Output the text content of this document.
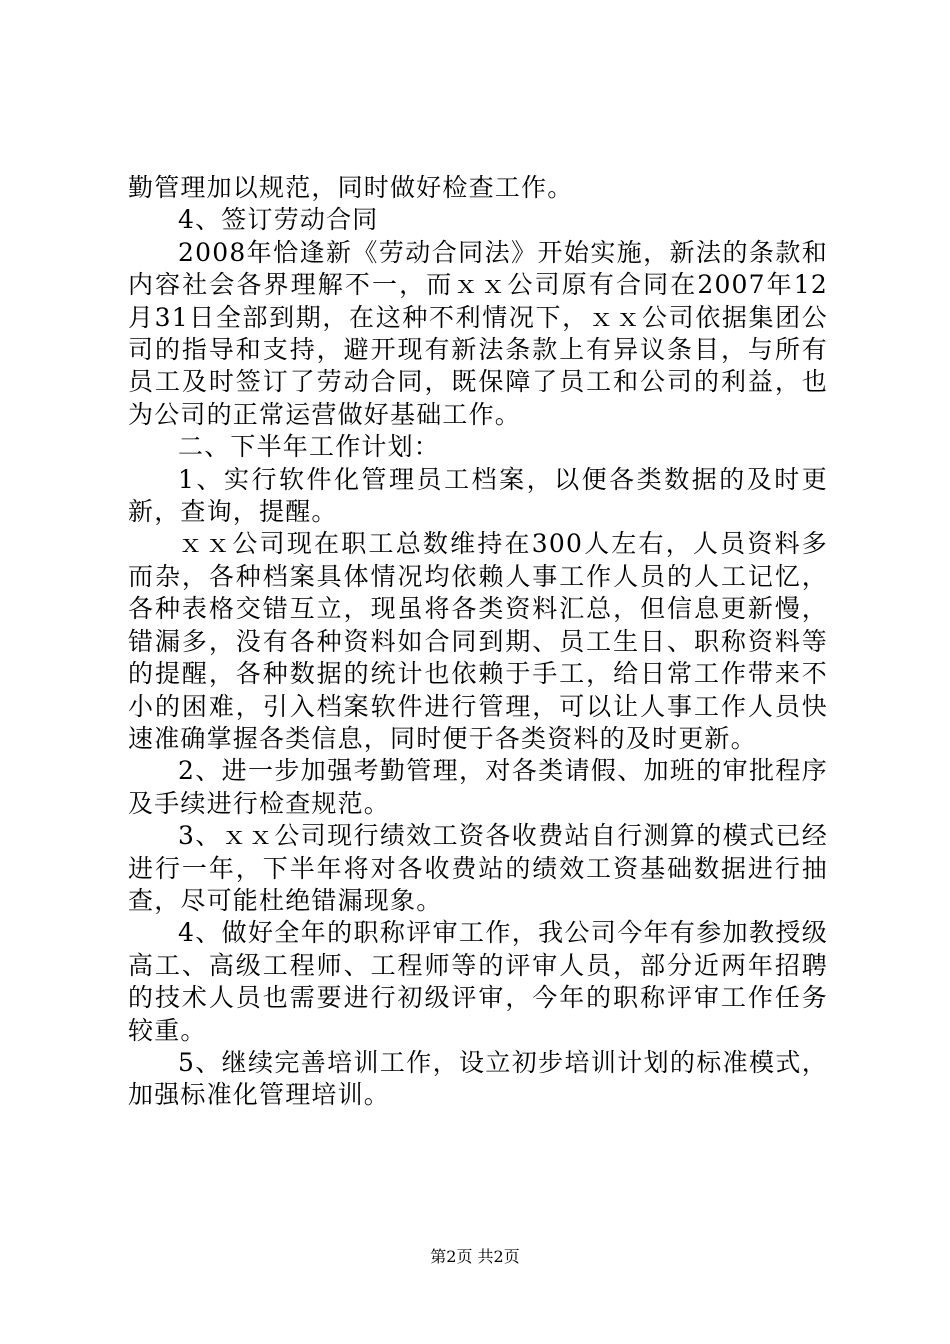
勤管理加以规范，同时做好检查工作。

4、签订劳动合同

2008年恰逢新《劳动合同法》开始实施，新法的条款和内容社会各界理解不一，而ｘｘ公司原有合同在2007年12月31日全部到期，在这种不利情况下，ｘｘ公司依据集团公司的指导和支持，避开现有新法条款上有异议条目，与所有员工及时签订了劳动合同，既保障了员工和公司的利益，也为公司的正常运营做好基础工作。

二、下半年工作计划：

1、实行软件化管理员工档案，以便各类数据的及时更新，查询，提醒。

ｘｘ公司现在职工总数维持在300人左右，人员资料多而杂，各种档案具体情况均依赖人事工作人员的人工记忆，各种表格交错互立，现虽将各类资料汇总，但信息更新慢，错漏多，没有各种资料如合同到期、员工生日、职称资料等的提醒，各种数据的统计也依赖于手工，给日常工作带来不小的困难，引入档案软件进行管理，可以让人事工作人员快速准确掌握各类信息，同时便于各类资料的及时更新。

2、进一步加强考勤管理，对各类请假、加班的审批程序及手续进行检查规范。

3、ｘｘ公司现行绩效工资各收费站自行测算的模式已经进行一年，下半年将对各收费站的绩效工资基础数据进行抽查，尽可能杜绝错漏现象。

4、做好全年的职称评审工作，我公司今年有参加教授级高工、高级工程师、工程师等的评审人员，部分近两年招聘的技术人员也需要进行初级评审，今年的职称评审工作任务较重。

5、继续完善培训工作，设立初步培训计划的标准模式，加强标准化管理培训。

第2页 共2页
